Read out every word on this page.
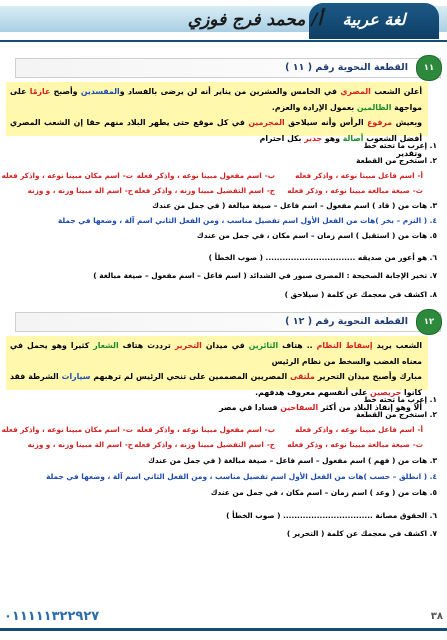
لغة عربية
أ/ محمد فرج فوزي
١١
القطعة النحوية رقم ( ١١ )
أعلن الشعب المصري في الخامس والعشرين من يناير أنه لن يرضى بالفساد والمفسدين وأصبح عازمًا على مواجهة الظالمين بعمول الإرادة والعزم.
وبعيش مرفوع الرأس وأنه سيلاحق المجرمين في كل موقع حتى يطهر البلاد منهم حقا إن الشعب المصري أفضل الشعوب أصالة وهو جدير بكل احترام
وتقدير
١. إعرب ما تحته خط
٢. استخرج من القطعة
أ-اسم فاعل مبينا نوعه ، واذكر فعله
ب-اسم مفعول مبينا نوعه ، واذكر فعله
ت-اسم مكان مبينا نوعه ، واذكر فعله
ث-صيغة مبالغة مبينا نوعه ، وذكر فعله
ج-اسم التفضيل مبينا وزنه ، واذكر فعله
ح-اسم الة مبينا وزنه ، و وزنه
٣. هات من ( قاد ) اسم مفعول – اسم فاعل – صيغة مبالغة ( في جمل من عندك
٤. ( التزم – بخر )هات من الفعل الأول اسم تفضيل مناسب ، ومن الفعل الثاني اسم آلة ، وضعها في جملة
٥. هات من ( استقبل ) اسم زمان – اسم مكان ، في جمل من عندك
٦. هو أعور من صديقه ................................ ( صوب الخطأ )
٧. تخير الإجابة الصحيحة : المصرى صبور في الشدائد ( اسم فاعل – اسم مفعول – صيغة مبالغة )
٨. اكشف في معجمك عن كلمة ( سيلاحق )
١٢
القطعة النحوية رقم ( ١٢ )
الشعب يريد إسقاط النظام .. هتاف الثائرين في ميدان التحرير ترددت هتاف الشعار كثيرا وهو يحمل في معناه الغضب والسخط من نظام الرئيس
مبارك وأصبح ميدان التحرير ملتقى المصريين المصممين على تنحي الرئيس لم ترهبهم سيارات الشرطة فقد كانوا حريصين على أنفسهم معروف هدفهم.
ألا وهو إنقاذ البلاد من أكثر السفاحين فسادا في مصر
١. إعرب ما تحته خط
٢. استخرج من القطعة
أ-اسم فاعل مبينا نوعه ، واذكر فعله
ب-اسم مفعول مبينا نوعه ، واذكر فعله
ت-اسم مكان مبينا نوعه ، واذكر فعله
ث-صيغة مبالغة مبينا نوعه ، وذكر فعله
ج-اسم التفضيل مبينا وزنه ، واذكر فعله
ح-اسم الة مبينا وزنه ، و وزنه
٣. هات من ( فهم ) اسم مفعول – اسم فاعل – صيغة مبالغة ( في جمل من عندك
٤. ( انطلق – حسب )هات من الفعل الأول اسم تفضيل مناسب ، ومن الفعل الثاني اسم آلة ، وضعها في جملة
٥. هات من ( وعد ) اسم زمان – اسم مكان ، في جمل من عندك
٦. الحقوق مصانة ................................ ( صوب الخطأ )
٧. اكشف في معجمك عن كلمة ( التحرير )
٠١١١١١٣٢٢٩٢٧	٣٨
